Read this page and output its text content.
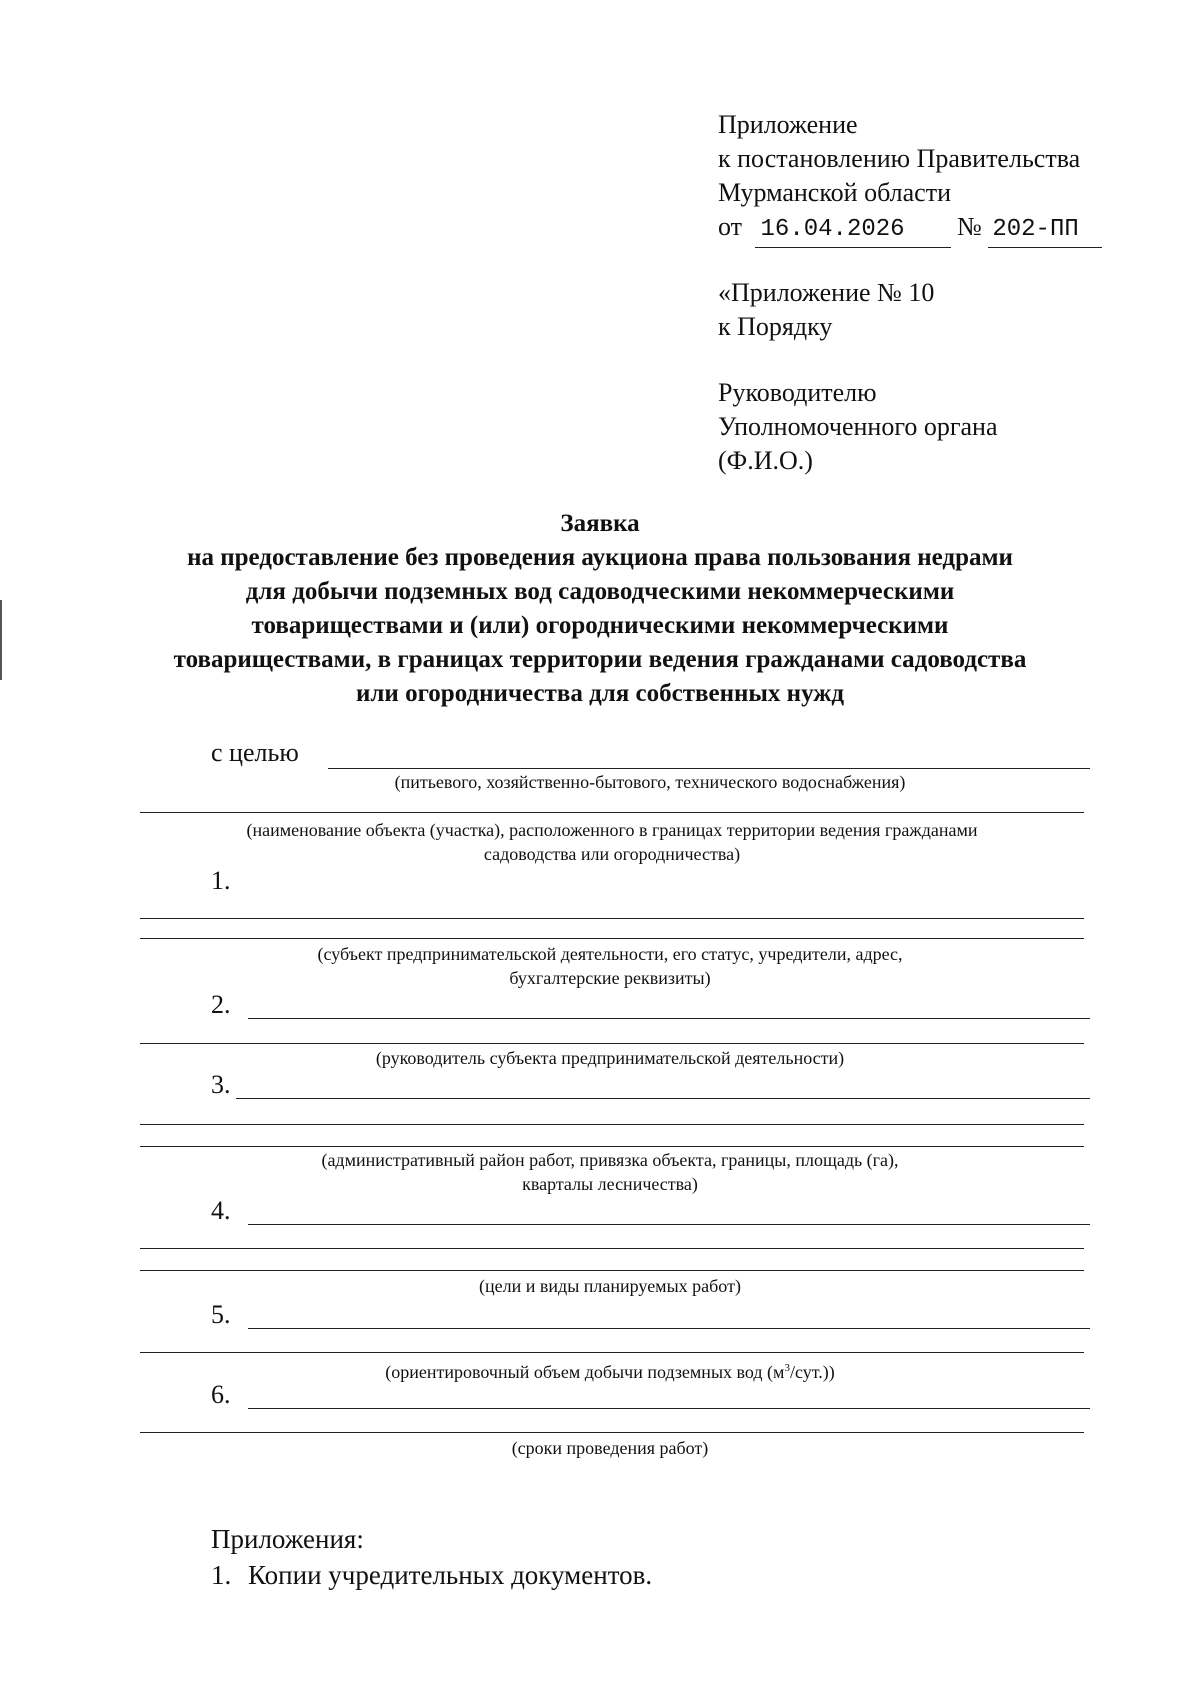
Приложение
к постановлению Правительства
Мурманской области
от 16.04.2026 № 202-ПП
«Приложение № 10
к Порядку
Руководителю
Уполномоченного органа
(Ф.И.О.)
Заявка
на предоставление без проведения аукциона права пользования недрами
для добычи подземных вод садоводческими некоммерческими
товариществами и (или) огородническими некоммерческими
товариществами, в границах территории ведения гражданами садоводства
или огородничества для собственных нужд
с целью
(питьевого, хозяйственно-бытового, технического водоснабжения)
(наименование объекта (участка), расположенного в границах территории ведения гражданами
садоводства или огородничества)
1.
(субъект предпринимательской деятельности, его статус, учредители, адрес,
бухгалтерские реквизиты)
2.
(руководитель субъекта предпринимательской деятельности)
3.
(административный район работ, привязка объекта, границы, площадь (га),
кварталы лесничества)
4.
(цели и виды планируемых работ)
5.
(ориентировочный объем добычи подземных вод $(м^3/сут.)$)
6.
(сроки проведения работ)
Приложения:
1. Копии учредительных документов.
